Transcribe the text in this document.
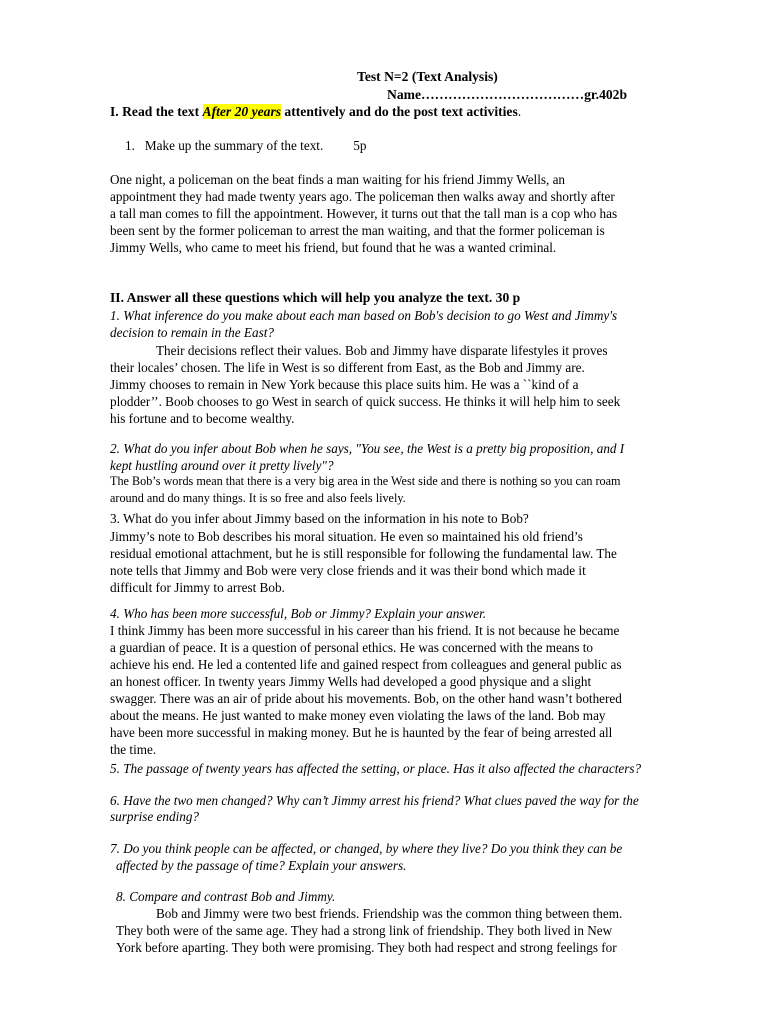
Test N=2 (Text Analysis)
Name………………………………gr.402b
I. Read the text After 20 years attentively and do the post text activities.
1. Make up the summary of the text. 5p
One night, a policeman on the beat finds a man waiting for his friend Jimmy Wells, an
appointment they had made twenty years ago. The policeman then walks away and shortly after
a tall man comes to fill the appointment. However, it turns out that the tall man is a cop who has
been sent by the former policeman to arrest the man waiting, and that the former policeman is
Jimmy Wells, who came to meet his friend, but found that he was a wanted criminal.
II. Answer all these questions which will help you analyze the text. 30 p
1. What inference do you make about each man based on Bob's decision to go West and Jimmy's
decision to remain in the East?
Their decisions reflect their values. Bob and Jimmy have disparate lifestyles it proves
their locales’ chosen. The life in West is so different from East, as the Bob and Jimmy are.
Jimmy chooses to remain in New York because this place suits him. He was a ``kind of a
plodder’’. Boob chooses to go West in search of quick success. He thinks it will help him to seek
his fortune and to become wealthy.
2. What do you infer about Bob when he says, "You see, the West is a pretty big proposition, and I
kept hustling around over it pretty lively"?
The Bob’s words mean that there is a very big area in the West side and there is nothing so you can roam
around and do many things. It is so free and also feels lively.
3. What do you infer about Jimmy based on the information in his note to Bob?
Jimmy’s note to Bob describes his moral situation. He even so maintained his old friend’s
residual emotional attachment, but he is still responsible for following the fundamental law. The
note tells that Jimmy and Bob were very close friends and it was their bond which made it
difficult for Jimmy to arrest Bob.
4. Who has been more successful, Bob or Jimmy? Explain your answer.
I think Jimmy has been more successful in his career than his friend. It is not because he became
a guardian of peace. It is a question of personal ethics. He was concerned with the means to
achieve his end. He led a contented life and gained respect from colleagues and general public as
an honest officer. In twenty years Jimmy Wells had developed a good physique and a slight
swagger. There was an air of pride about his movements. Bob, on the other hand wasn’t bothered
about the means. He just wanted to make money even violating the laws of the land. Bob may
have been more successful in making money. But he is haunted by the fear of being arrested all
the time.
5. The passage of twenty years has affected the setting, or place. Has it also affected the characters?
6. Have the two men changed? Why can’t Jimmy arrest his friend? What clues paved the way for the
surprise ending?
7. Do you think people can be affected, or changed, by where they live? Do you think they can be
affected by the passage of time? Explain your answers.
8. Compare and contrast Bob and Jimmy.
Bob and Jimmy were two best friends. Friendship was the common thing between them.
They both were of the same age. They had a strong link of friendship. They both lived in New
York before aparting. They both were promising. They both had respect and strong feelings for
